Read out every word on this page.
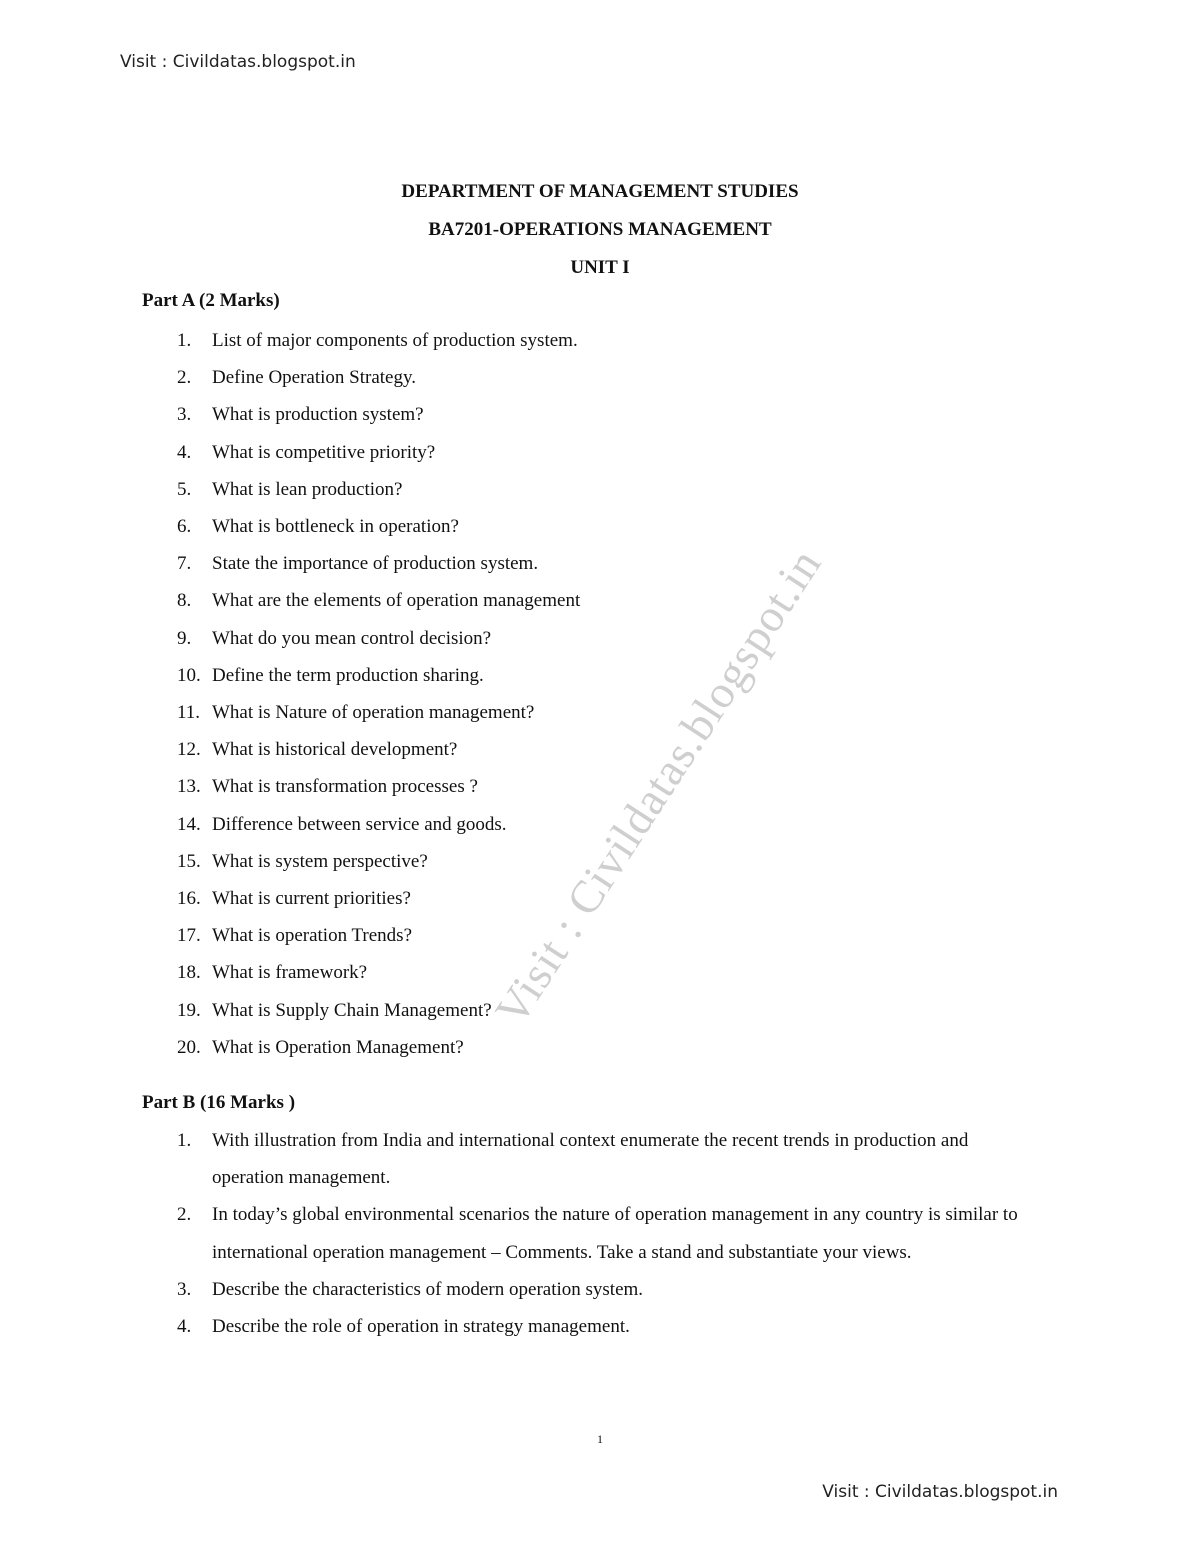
Visit : Civildatas.blogspot.in
DEPARTMENT OF MANAGEMENT STUDIES
BA7201-OPERATIONS MANAGEMENT
UNIT I
Part A (2 Marks)
1. List of major components of production system.
2. Define Operation Strategy.
3. What is production system?
4. What is competitive priority?
5. What is lean production?
6. What is bottleneck in operation?
7. State the importance of production system.
8. What are the elements of operation management
9. What do you mean control decision?
10. Define the term production sharing.
11. What is Nature of operation management?
12. What is historical development?
13. What is transformation processes ?
14. Difference between service and goods.
15. What is system perspective?
16. What is current priorities?
17. What is operation Trends?
18. What is framework?
19. What is Supply Chain Management?
20. What is Operation Management?
Part B (16 Marks )
1. With illustration from India and international context enumerate the recent trends in production and operation management.
2. In today’s global environmental scenarios the nature of operation management in any country is similar to international operation management – Comments. Take a stand and substantiate your views.
3. Describe the characteristics of modern operation system.
4. Describe the role of operation in strategy management.
Visit : Civildatas.blogspot.in
1
Visit : Civildatas.blogspot.in
